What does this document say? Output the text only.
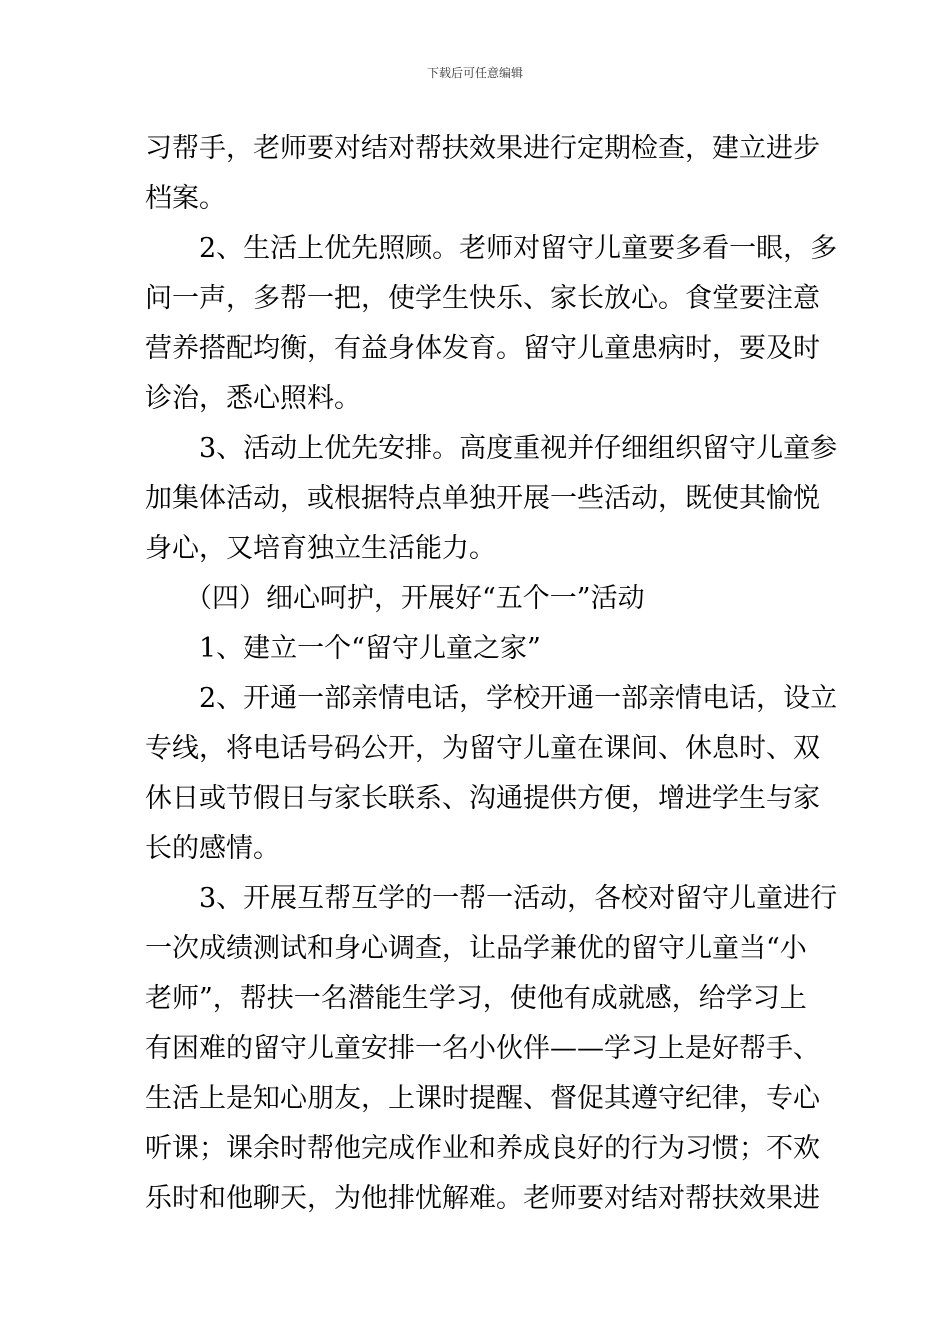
下载后可任意编辑
习帮手，老师要对结对帮扶效果进行定期检查，建立进步
档案。
2、生活上优先照顾。老师对留守儿童要多看一眼，多
问一声，多帮一把，使学生快乐、家长放心。食堂要注意
营养搭配均衡，有益身体发育。留守儿童患病时，要及时
诊治，悉心照料。
3、活动上优先安排。高度重视并仔细组织留守儿童参
加集体活动，或根据特点单独开展一些活动，既使其愉悦
身心，又培育独立生活能力。
（四）细心呵护，开展好“五个一”活动
1、建立一个“留守儿童之家”
2、开通一部亲情电话，学校开通一部亲情电话，设立
专线，将电话号码公开，为留守儿童在课间、休息时、双
休日或节假日与家长联系、沟通提供方便，增进学生与家
长的感情。
3、开展互帮互学的一帮一活动，各校对留守儿童进行
一次成绩测试和身心调查，让品学兼优的留守儿童当“小
老师”，帮扶一名潜能生学习，使他有成就感，给学习上
有困难的留守儿童安排一名小伙伴——学习上是好帮手、
生活上是知心朋友，上课时提醒、督促其遵守纪律，专心
听课；课余时帮他完成作业和养成良好的行为习惯；不欢
乐时和他聊天，为他排忧解难。老师要对结对帮扶效果进
